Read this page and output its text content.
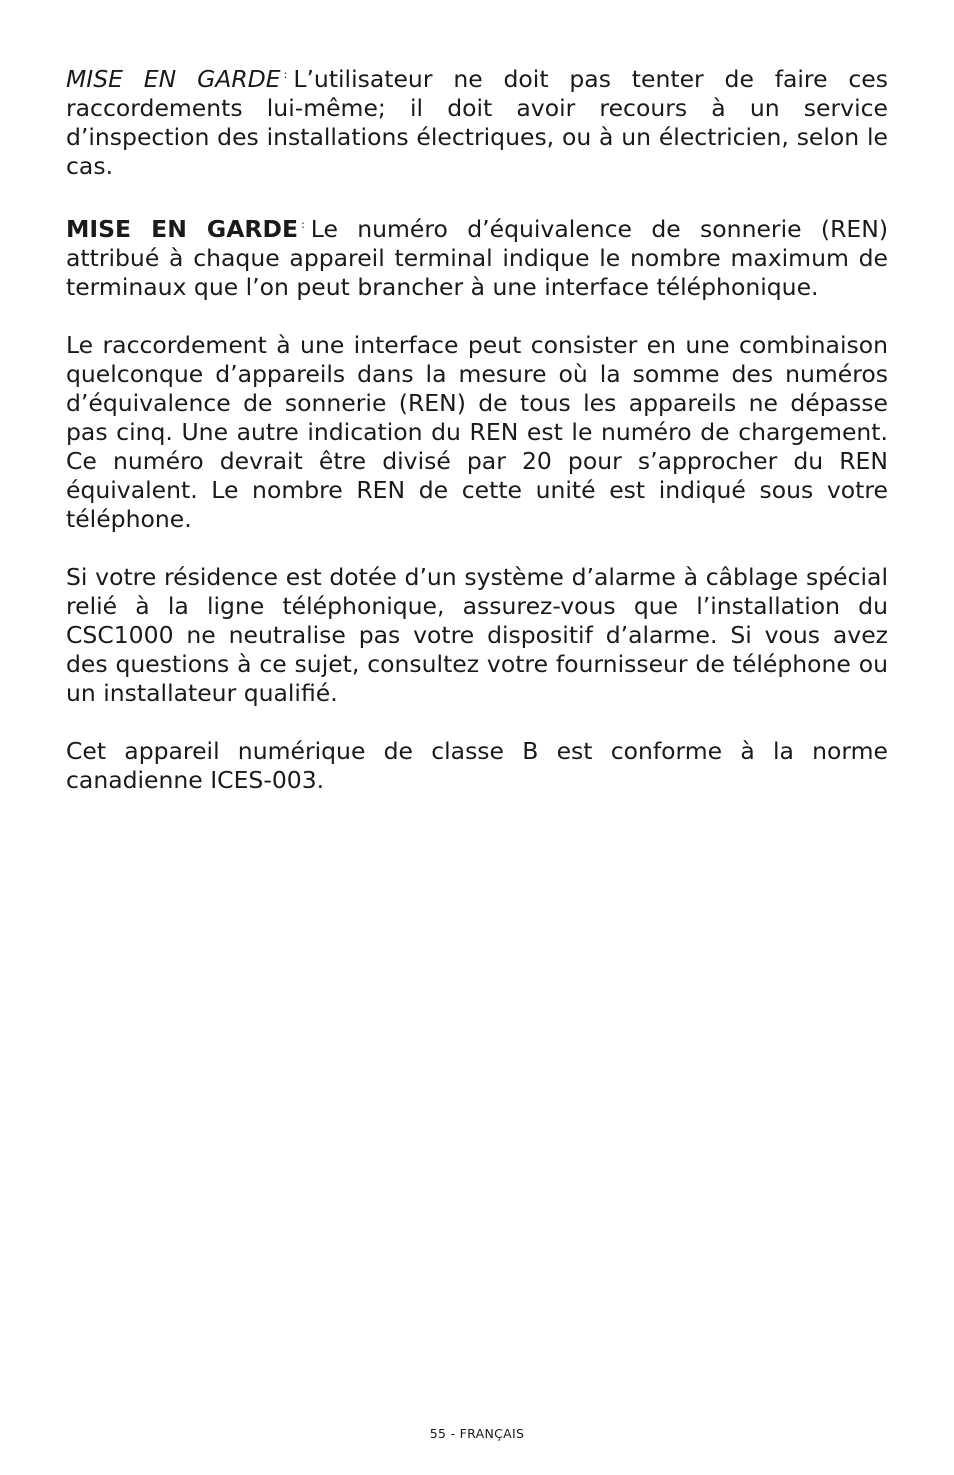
MISE EN GARDE : L’utilisateur ne doit pas tenter de faire ces raccordements lui-même; il doit avoir recours à un service d’inspection des installations électriques, ou à un électricien, selon le cas.

MISE EN GARDE : Le numéro d’équivalence de sonnerie (REN) attribué à chaque appareil terminal indique le nombre maximum de terminaux que l’on peut brancher à une interface téléphonique.

Le raccordement à une interface peut consister en une combinaison quelconque d’appareils dans la mesure où la somme des numéros d’équivalence de sonnerie (REN) de tous les appareils ne dépasse pas cinq. Une autre indication du REN est le numéro de chargement. Ce numéro devrait être divisé par 20 pour s’approcher du REN équivalent. Le nombre REN de cette unité est indiqué sous votre téléphone.

Si votre résidence est dotée d’un système d’alarme à câblage spécial relié à la ligne téléphonique, assurez-vous que l’installation du CSC1000 ne neutralise pas votre dispositif d’alarme. Si vous avez des questions à ce sujet, consultez votre fournisseur de téléphone ou un installateur qualifié.

Cet appareil numérique de classe B est conforme à la norme canadienne ICES-003.

55 - FRANÇAIS
